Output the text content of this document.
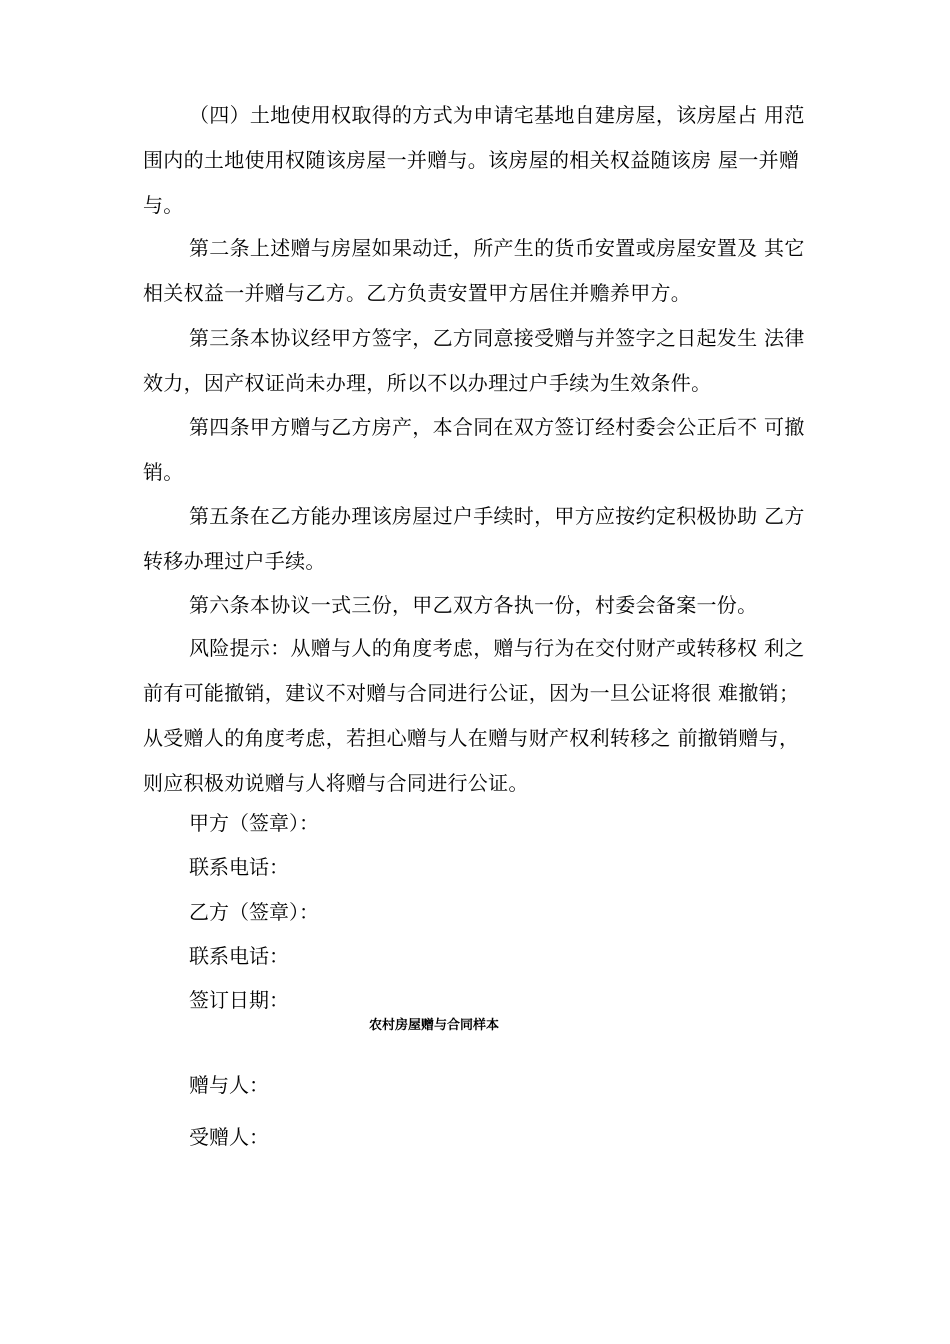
（四）土地使用权取得的方式为申请宅基地自建房屋，该房屋占 用范
围内的土地使用权随该房屋一并赠与。该房屋的相关权益随该房 屋一并赠
与。
第二条上述赠与房屋如果动迁，所产生的货币安置或房屋安置及 其它
相关权益一并赠与乙方。乙方负责安置甲方居住并赡养甲方。
第三条本协议经甲方签字，乙方同意接受赠与并签字之日起发生 法律
效力，因产权证尚未办理，所以不以办理过户手续为生效条件。
第四条甲方赠与乙方房产，本合同在双方签订经村委会公正后不 可撤
销。
第五条在乙方能办理该房屋过户手续时，甲方应按约定积极协助 乙方
转移办理过户手续。
第六条本协议一式三份，甲乙双方各执一份，村委会备案一份。
风险提示：从赠与人的角度考虑，赠与行为在交付财产或转移权 利之
前有可能撤销，建议不对赠与合同进行公证，因为一旦公证将很 难撤销；
从受赠人的角度考虑，若担心赠与人在赠与财产权利转移之 前撤销赠与，
则应积极劝说赠与人将赠与合同进行公证。
甲方（签章）：
联系电话：
乙方（签章）：
联系电话：
签订日期：
农村房屋赠与合同样本
赠与人：
受赠人：
